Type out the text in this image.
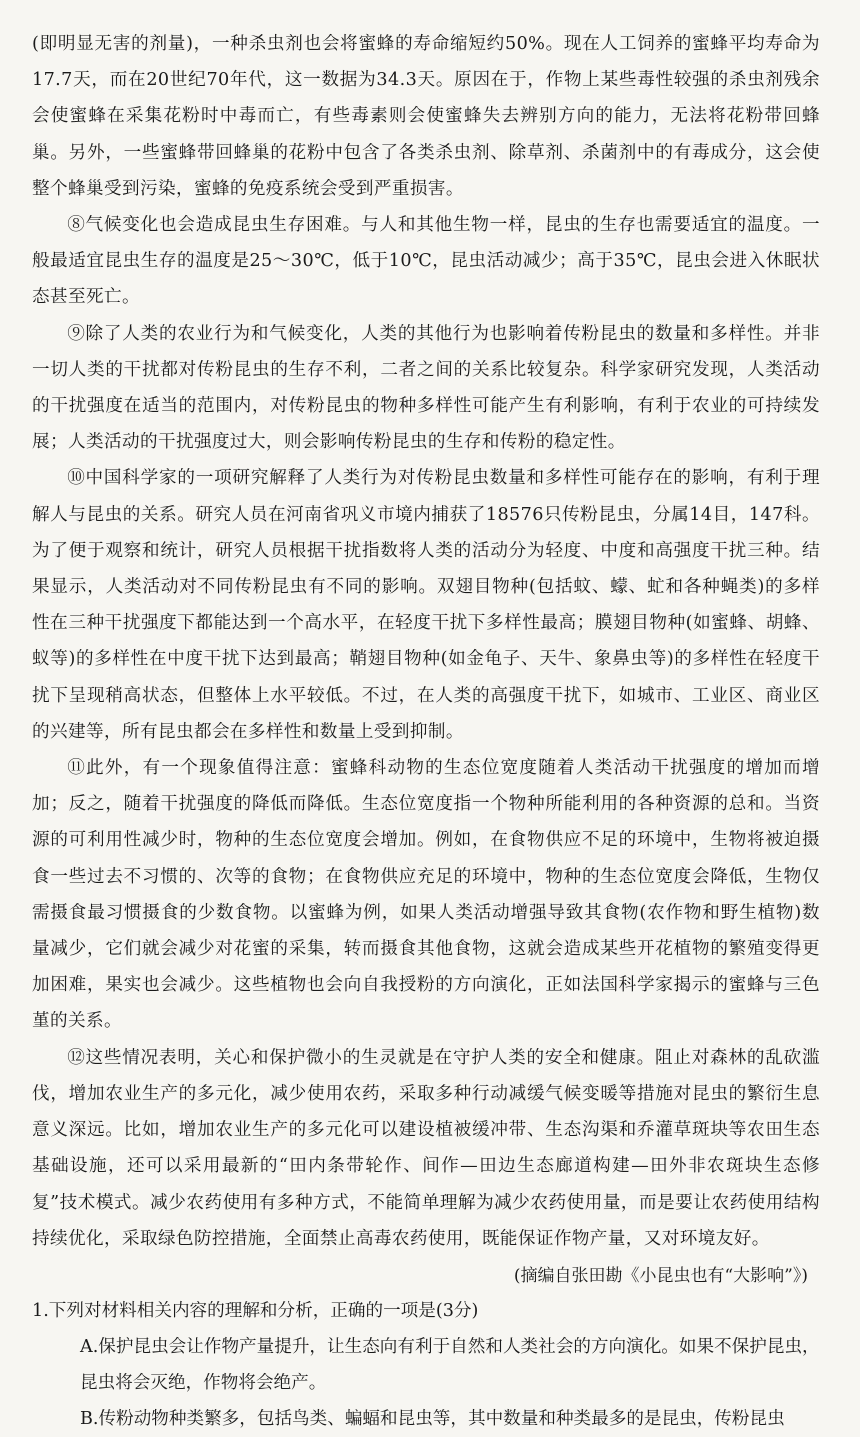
(即明显无害的剂量)，一种杀虫剂也会将蜜蜂的寿命缩短约50%。现在人工饲养的蜜蜂平均寿命为17.7天，而在20世纪70年代，这一数据为34.3天。原因在于，作物上某些毒性较强的杀虫剂残余会使蜜蜂在采集花粉时中毒而亡，有些毒素则会使蜜蜂失去辨别方向的能力，无法将花粉带回蜂巢。另外，一些蜜蜂带回蜂巢的花粉中包含了各类杀虫剂、除草剂、杀菌剂中的有毒成分，这会使整个蜂巢受到污染，蜜蜂的免疫系统会受到严重损害。

⑧气候变化也会造成昆虫生存困难。与人和其他生物一样，昆虫的生存也需要适宜的温度。一般最适宜昆虫生存的温度是25～30℃，低于10℃，昆虫活动减少；高于35℃，昆虫会进入休眠状态甚至死亡。

⑨除了人类的农业行为和气候变化，人类的其他行为也影响着传粉昆虫的数量和多样性。并非一切人类的干扰都对传粉昆虫的生存不利，二者之间的关系比较复杂。科学家研究发现，人类活动的干扰强度在适当的范围内，对传粉昆虫的物种多样性可能产生有利影响，有利于农业的可持续发展；人类活动的干扰强度过大，则会影响传粉昆虫的生存和传粉的稳定性。

⑩中国科学家的一项研究解释了人类行为对传粉昆虫数量和多样性可能存在的影响，有利于理解人与昆虫的关系。研究人员在河南省巩义市境内捕获了18576只传粉昆虫，分属14目，147科。为了便于观察和统计，研究人员根据干扰指数将人类的活动分为轻度、中度和高强度干扰三种。结果显示，人类活动对不同传粉昆虫有不同的影响。双翅目物种(包括蚊、蠓、虻和各种蝇类)的多样性在三种干扰强度下都能达到一个高水平，在轻度干扰下多样性最高；膜翅目物种(如蜜蜂、胡蜂、蚁等)的多样性在中度干扰下达到最高；鞘翅目物种(如金龟子、天牛、象鼻虫等)的多样性在轻度干扰下呈现稍高状态，但整体上水平较低。不过，在人类的高强度干扰下，如城市、工业区、商业区的兴建等，所有昆虫都会在多样性和数量上受到抑制。

⑪此外，有一个现象值得注意：蜜蜂科动物的生态位宽度随着人类活动干扰强度的增加而增加；反之，随着干扰强度的降低而降低。生态位宽度指一个物种所能利用的各种资源的总和。当资源的可利用性减少时，物种的生态位宽度会增加。例如，在食物供应不足的环境中，生物将被迫摄食一些过去不习惯的、次等的食物；在食物供应充足的环境中，物种的生态位宽度会降低，生物仅需摄食最习惯摄食的少数食物。以蜜蜂为例，如果人类活动增强导致其食物(农作物和野生植物)数量减少，它们就会减少对花蜜的采集，转而摄食其他食物，这就会造成某些开花植物的繁殖变得更加困难，果实也会减少。这些植物也会向自我授粉的方向演化，正如法国科学家揭示的蜜蜂与三色堇的关系。

⑫这些情况表明，关心和保护微小的生灵就是在守护人类的安全和健康。阻止对森林的乱砍滥伐，增加农业生产的多元化，减少使用农药，采取多种行动减缓气候变暖等措施对昆虫的繁衍生息意义深远。比如，增加农业生产的多元化可以建设植被缓冲带、生态沟渠和乔灌草斑块等农田生态基础设施，还可以采用最新的“田内条带轮作、间作—田边生态廊道构建—田外非农斑块生态修复”技术模式。减少农药使用有多种方式，不能简单理解为减少农药使用量，而是要让农药使用结构持续优化，采取绿色防控措施，全面禁止高毒农药使用，既能保证作物产量，又对环境友好。

(摘编自张田勘《小昆虫也有“大影响”》)

1.下列对材料相关内容的理解和分析，正确的一项是(3分)

A.保护昆虫会让作物产量提升，让生态向有利于自然和人类社会的方向演化。如果不保护昆虫，昆虫将会灭绝，作物将会绝产。

B.传粉动物种类繁多，包括鸟类、蝙蝠和昆虫等，其中数量和种类最多的是昆虫，传粉昆虫
